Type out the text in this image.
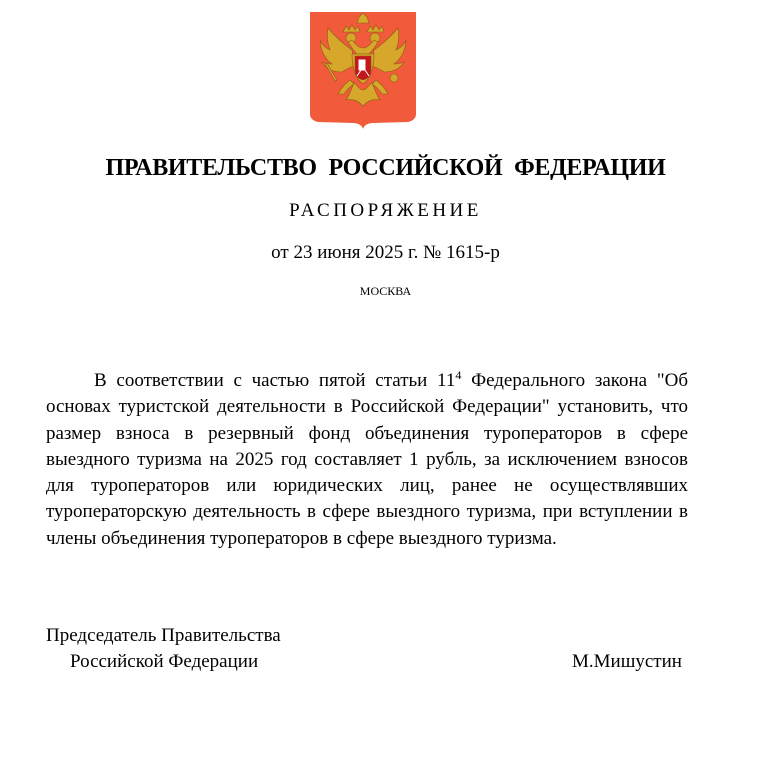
ПРАВИТЕЛЬСТВО РОССИЙСКОЙ ФЕДЕРАЦИИ
РАСПОРЯЖЕНИЕ
от 23 июня 2025 г. № 1615-р
МОСКВА
В соответствии с частью пятой статьи $11^4$ Федерального закона "Об основах туристской деятельности в Российской Федерации" установить, что размер взноса в резервный фонд объединения туроператоров в сфере выездного туризма на 2025 год составляет 1 рубль, за исключением взносов для туроператоров или юридических лиц, ранее не осуществлявших туроператорскую деятельность в сфере выездного туризма, при вступлении в члены объединения туроператоров в сфере выездного туризма.
Председатель Правительства
Российской Федерации	М.Мишустин
